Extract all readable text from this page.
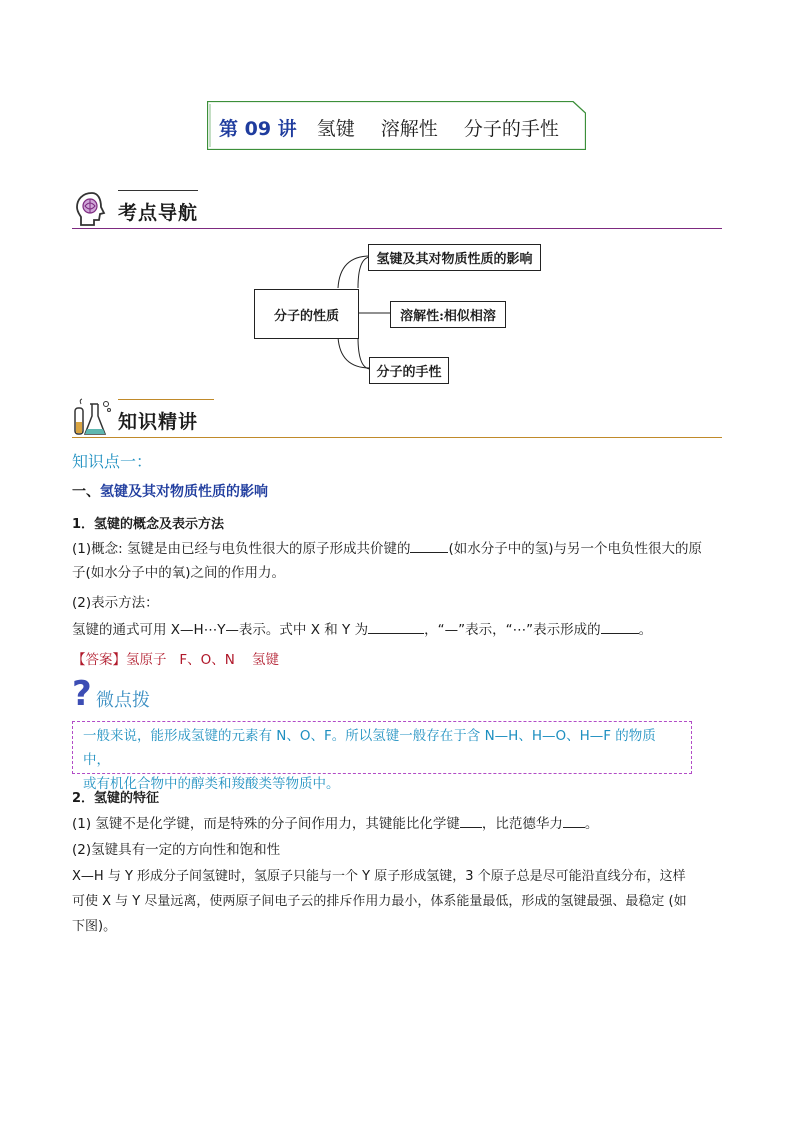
第 09 讲 氢键 溶解性 分子的手性
考点导航
分子的性质
氢键及其对物质性质的影响
溶解性:相似相溶
分子的手性
知识精讲
知识点一：
一、氢键及其对物质性质的影响
1．氢键的概念及表示方法
(1)概念: 氢键是由已经与电负性很大的原子形成共价键的	(如水分子中的氢)与另一个电负性很大的原
子(如水分子中的氧)之间的作用力。
(2)表示方法：
氢键的通式可用 X—H⋯Y—表示。式中 X 和 Y 为	，“—”表示，“⋯”表示形成的	。
【答案】氢原子 F、O、N 氢键
? 微点拨
一般来说，能形成氢键的元素有 N、O、F。所以氢键一般存在于含 N—H、H—O、H—F 的物质中，
或有机化合物中的醇类和羧酸类等物质中。
2．氢键的特征
(1) 氢键不是化学键，而是特殊的分子间作用力，其键能比化学键 ，比范德华力 。
(2)氢键具有一定的方向性和饱和性
X—H 与 Y 形成分子间氢键时，氢原子只能与一个 Y 原子形成氢键，3 个原子总是尽可能沿直线分布，这样
可使 X 与 Y 尽量远离，使两原子间电子云的排斥作用力最小，体系能量最低，形成的氢键最强、最稳定 (如
下图)。
